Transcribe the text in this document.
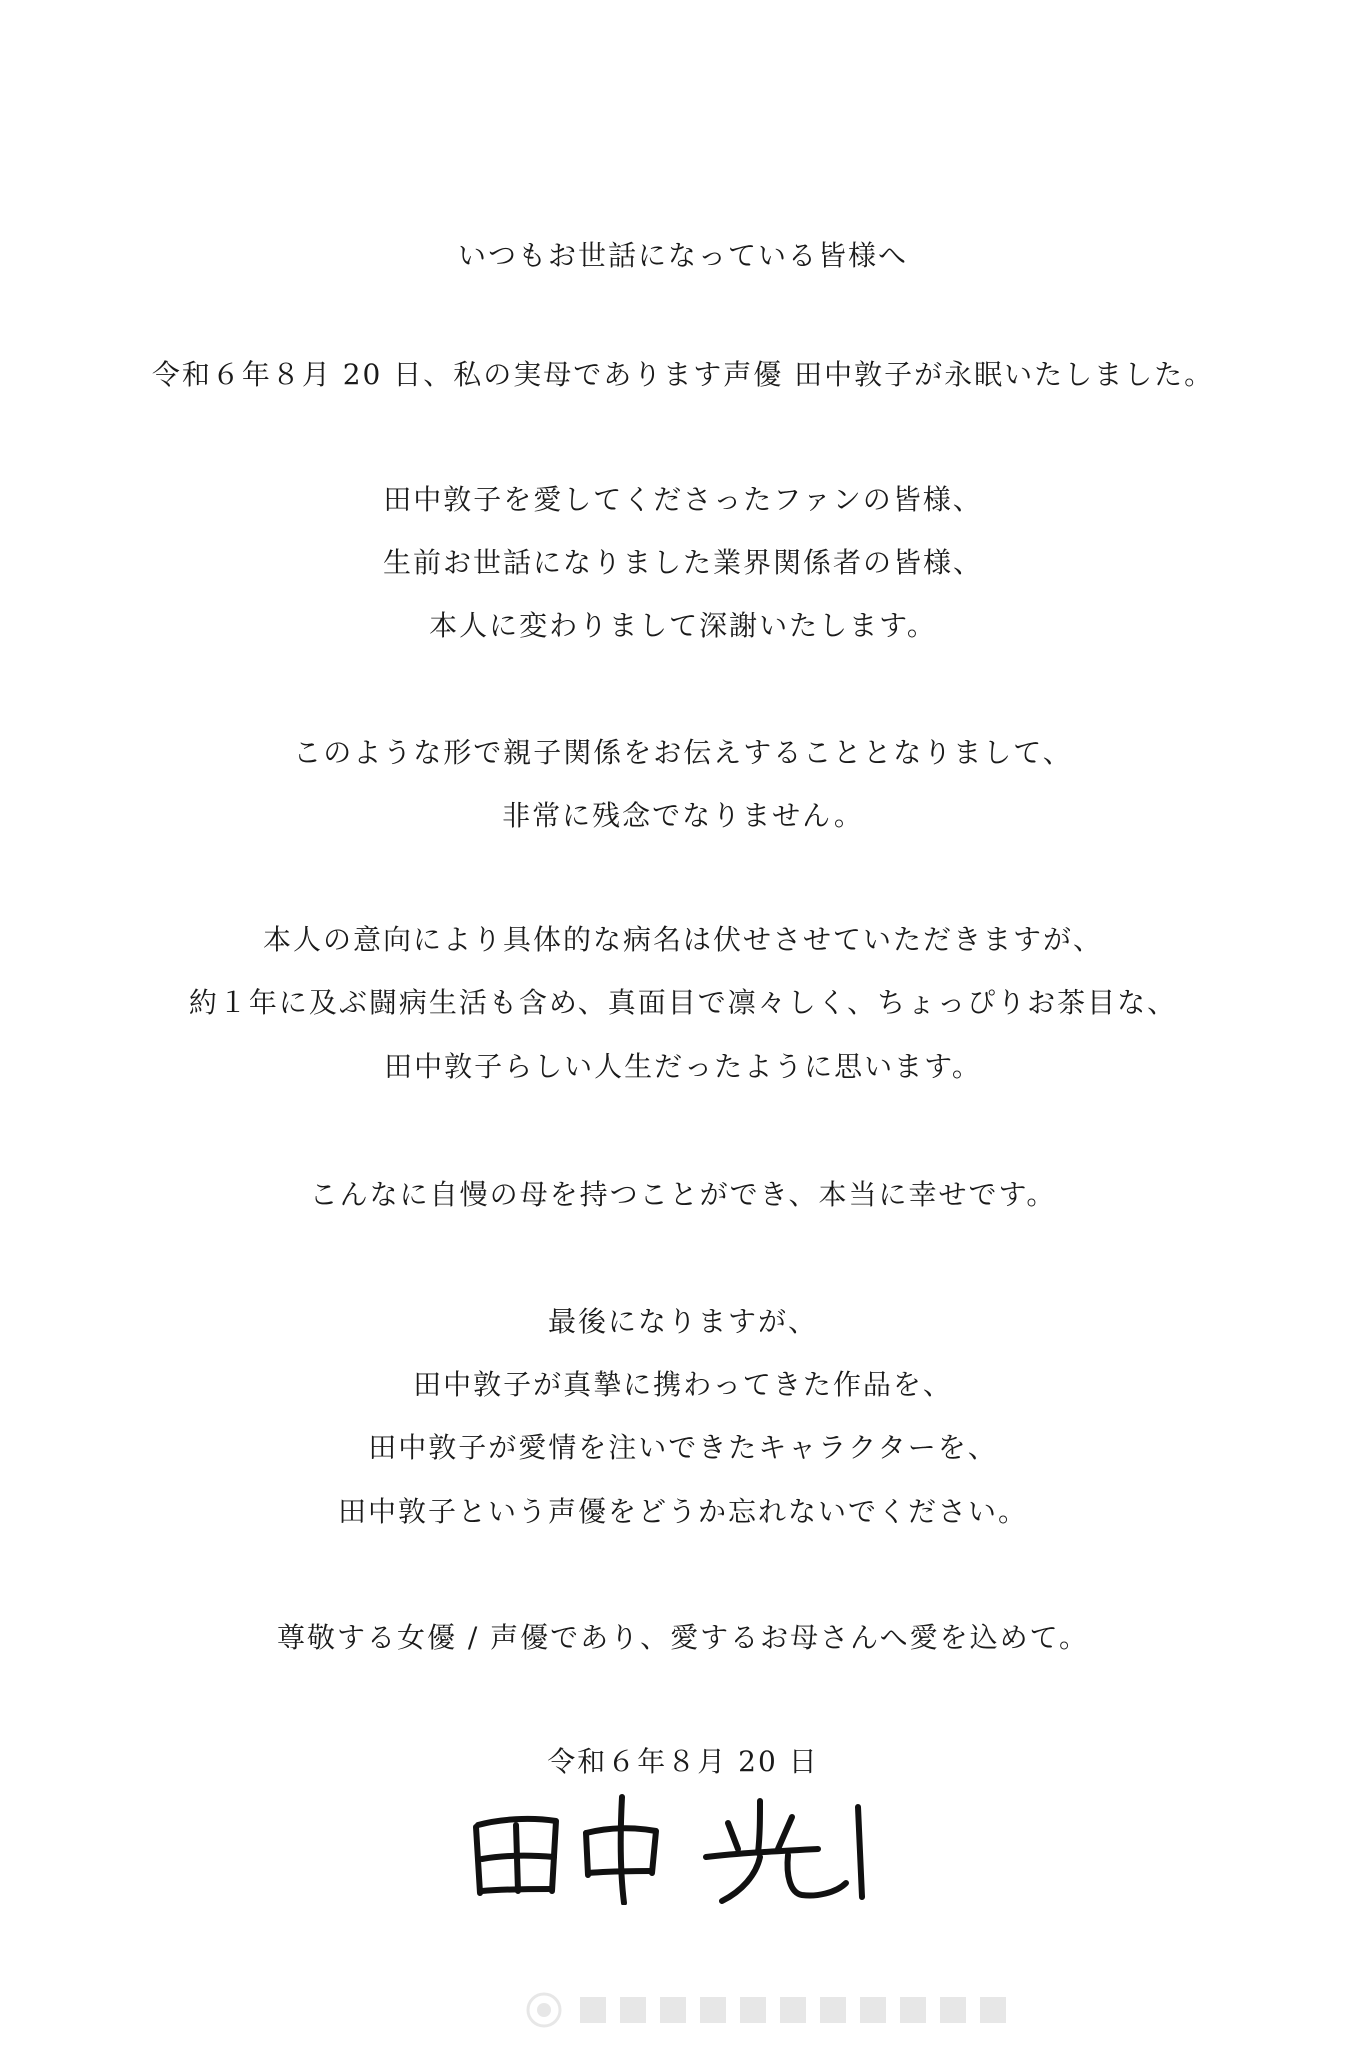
いつもお世話になっている皆様へ
令和６年８月 20 日、私の実母であります声優 田中敦子が永眠いたしました。
田中敦子を愛してくださったファンの皆様、
生前お世話になりました業界関係者の皆様、
本人に変わりまして深謝いたします。
このような形で親子関係をお伝えすることとなりまして、
非常に残念でなりません。
本人の意向により具体的な病名は伏せさせていただきますが、
約１年に及ぶ闘病生活も含め、真面目で凛々しく、ちょっぴりお茶目な、
田中敦子らしい人生だったように思います。
こんなに自慢の母を持つことができ、本当に幸せです。
最後になりますが、
田中敦子が真摯に携わってきた作品を、
田中敦子が愛情を注いできたキャラクターを、
田中敦子という声優をどうか忘れないでください。
尊敬する女優 / 声優であり、愛するお母さんへ愛を込めて。
令和６年８月 20 日
